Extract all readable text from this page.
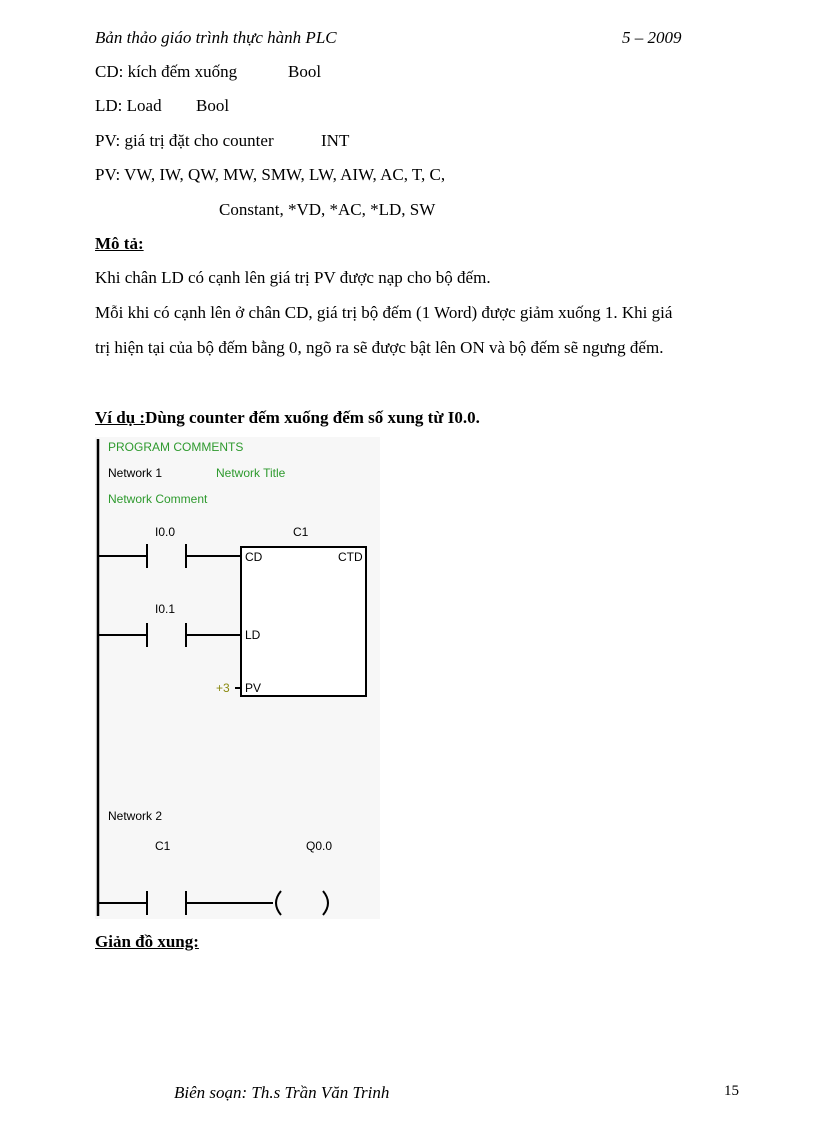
Bản thảo giáo trình thực hành PLC	5 – 2009
CD: kích đếm xuống	Bool
LD: Load Bool
PV: giá trị đặt cho counter	INT
PV: VW, IW, QW, MW, SMW, LW, AIW, AC, T, C,
Constant, *VD, *AC, *LD, SW
Mô tả:
Khi chân LD có cạnh lên giá trị PV được nạp cho bộ đếm.
Mỗi khi có cạnh lên ở chân CD, giá trị bộ đếm (1 Word) được giảm xuống 1. Khi giá
trị hiện tại của bộ đếm bằng 0, ngõ ra sẽ được bật lên ON và bộ đếm sẽ ngưng đếm.
Ví dụ :Dùng counter đếm xuống đếm số xung từ I0.0.
PROGRAM COMMENTS
Network 1	Network Title
Network Comment
I0.0	C1
CD	CTD
LD
PV
I0.1
+3
Network 2
C1	Q0.0
Giản đồ xung:
Biên soạn: Th.s Trần Văn Trinh	15
